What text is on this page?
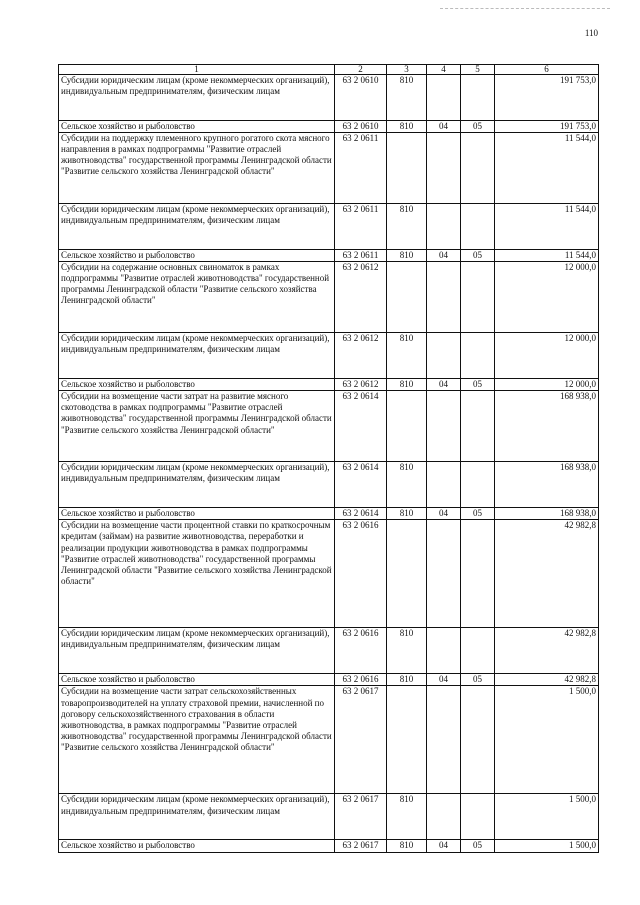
110
1	2	3	4	5	6
Субсидии юридическим лицам (кроме некоммерческих организаций), индивидуальным предпринимателям, физическим лицам	63 2 0610	810			191 753,0
Сельское хозяйство и рыболовство	63 2 0610	810	04	05	191 753,0
Субсидии на поддержку племенного крупного рогатого скота мясного направления в рамках подпрограммы "Развитие отраслей животноводства" государственной программы Ленинградской области "Развитие сельского хозяйства Ленинградской области"	63 2 0611				11 544,0
Субсидии юридическим лицам (кроме некоммерческих организаций), индивидуальным предпринимателям, физическим лицам	63 2 0611	810			11 544,0
Сельское хозяйство и рыболовство	63 2 0611	810	04	05	11 544,0
Субсидии на содержание основных свиноматок в рамках подпрограммы "Развитие отраслей животноводства" государственной программы Ленинградской области "Развитие сельского хозяйства Ленинградской области"	63 2 0612				12 000,0
Субсидии юридическим лицам (кроме некоммерческих организаций), индивидуальным предпринимателям, физическим лицам	63 2 0612	810			12 000,0
Сельское хозяйство и рыболовство	63 2 0612	810	04	05	12 000,0
Субсидии на возмещение части затрат на развитие мясного скотоводства в рамках подпрограммы "Развитие отраслей животноводства" государственной программы Ленинградской области "Развитие сельского хозяйства Ленинградской области"	63 2 0614				168 938,0
Субсидии юридическим лицам (кроме некоммерческих организаций), индивидуальным предпринимателям, физическим лицам	63 2 0614	810			168 938,0
Сельское хозяйство и рыболовство	63 2 0614	810	04	05	168 938,0
Субсидии на возмещение части процентной ставки по краткосрочным кредитам (займам) на развитие животноводства, переработки и реализации продукции животноводства в рамках подпрограммы "Развитие отраслей животноводства" государственной программы Ленинградской области "Развитие сельского хозяйства Ленинградской области"	63 2 0616				42 982,8
Субсидии юридическим лицам (кроме некоммерческих организаций), индивидуальным предпринимателям, физическим лицам	63 2 0616	810			42 982,8
Сельское хозяйство и рыболовство	63 2 0616	810	04	05	42 982,8
Субсидии на возмещение части затрат сельскохозяйственных товаропроизводителей на уплату страховой премии, начисленной по договору сельскохозяйственного страхования в области животноводства, в рамках подпрограммы "Развитие отраслей животноводства" государственной программы Ленинградской области "Развитие сельского хозяйства Ленинградской области"	63 2 0617				1 500,0
Субсидии юридическим лицам (кроме некоммерческих организаций), индивидуальным предпринимателям, физическим лицам	63 2 0617	810			1 500,0
Сельское хозяйство и рыболовство	63 2 0617	810	04	05	1 500,0
